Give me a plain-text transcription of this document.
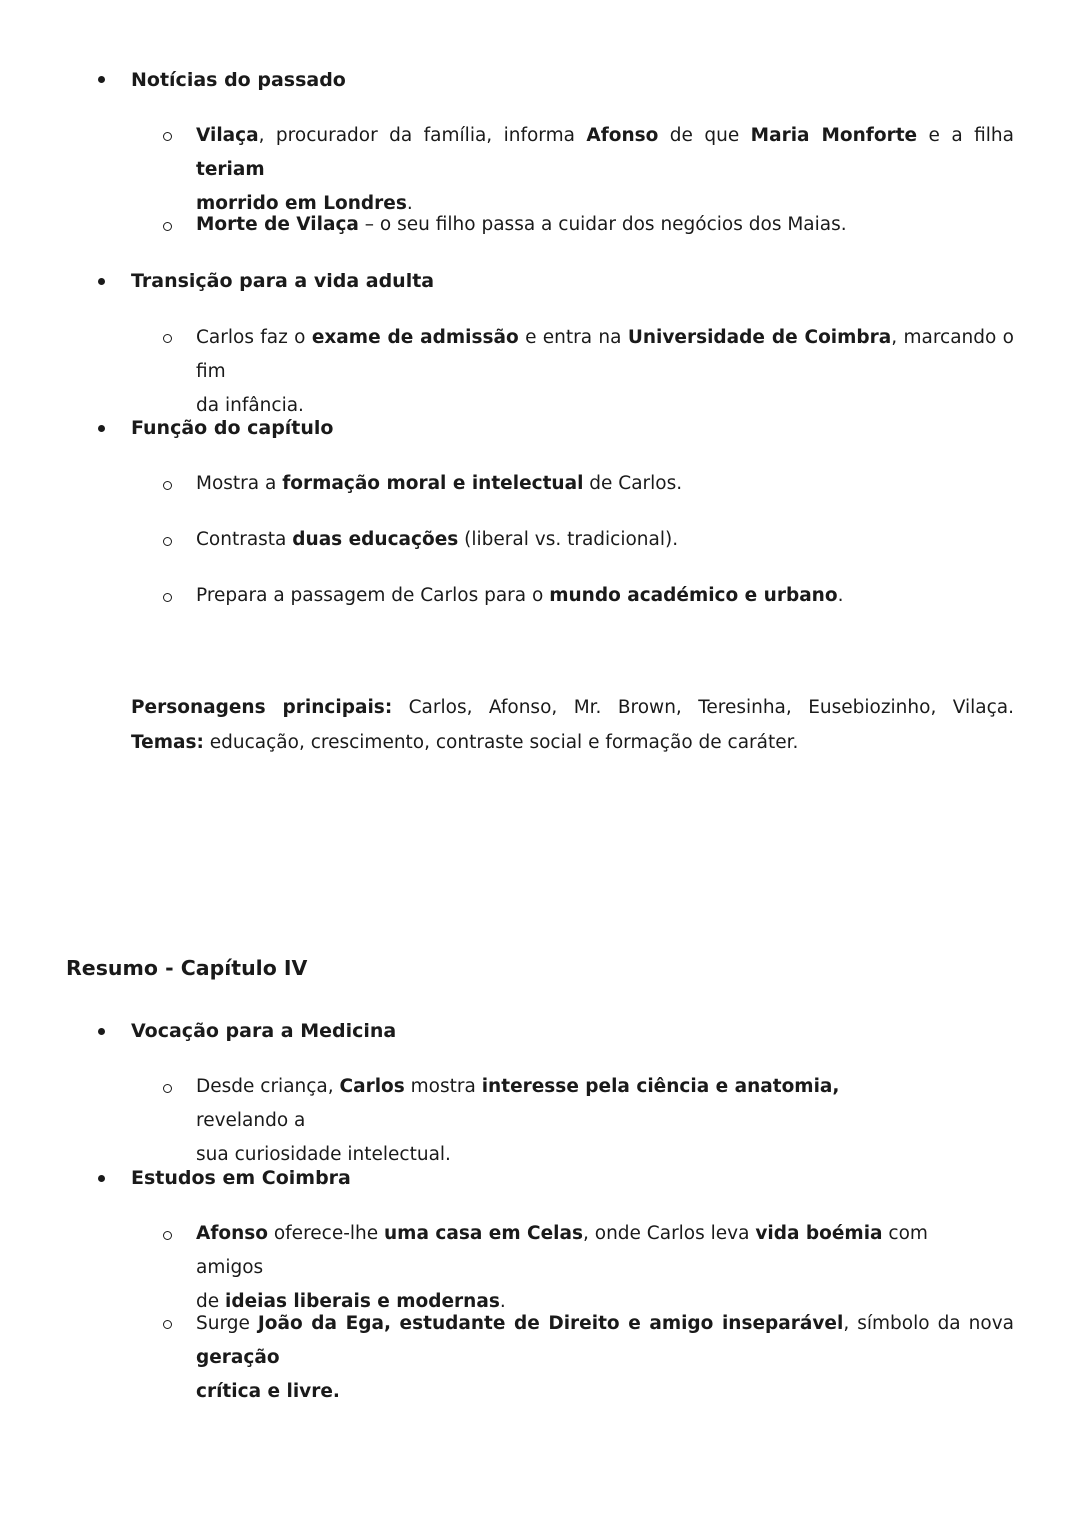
Notícias do passado
Vilaça, procurador da família, informa Afonso de que Maria Monforte e a filha teriam
morrido em Londres.
Morte de Vilaça – o seu filho passa a cuidar dos negócios dos Maias.
Transição para a vida adulta
Carlos faz o exame de admissão e entra na Universidade de Coimbra, marcando o fim
da infância.
Função do capítulo
Mostra a formação moral e intelectual de Carlos.
Contrasta duas educações (liberal vs. tradicional).
Prepara a passagem de Carlos para o mundo académico e urbano.
Personagens principais: Carlos, Afonso, Mr. Brown, Teresinha, Eusebiozinho, Vilaça.
Temas: educação, crescimento, contraste social e formação de caráter.
Resumo - Capítulo IV
Vocação para a Medicina
Desde criança, Carlos mostra interesse pela ciência e anatomia, revelando a
sua curiosidade intelectual.
Estudos em Coimbra
Afonso oferece-lhe uma casa em Celas, onde Carlos leva vida boémia com amigos
de ideias liberais e modernas.
Surge João da Ega, estudante de Direito e amigo inseparável, símbolo da nova geração
crítica e livre.
